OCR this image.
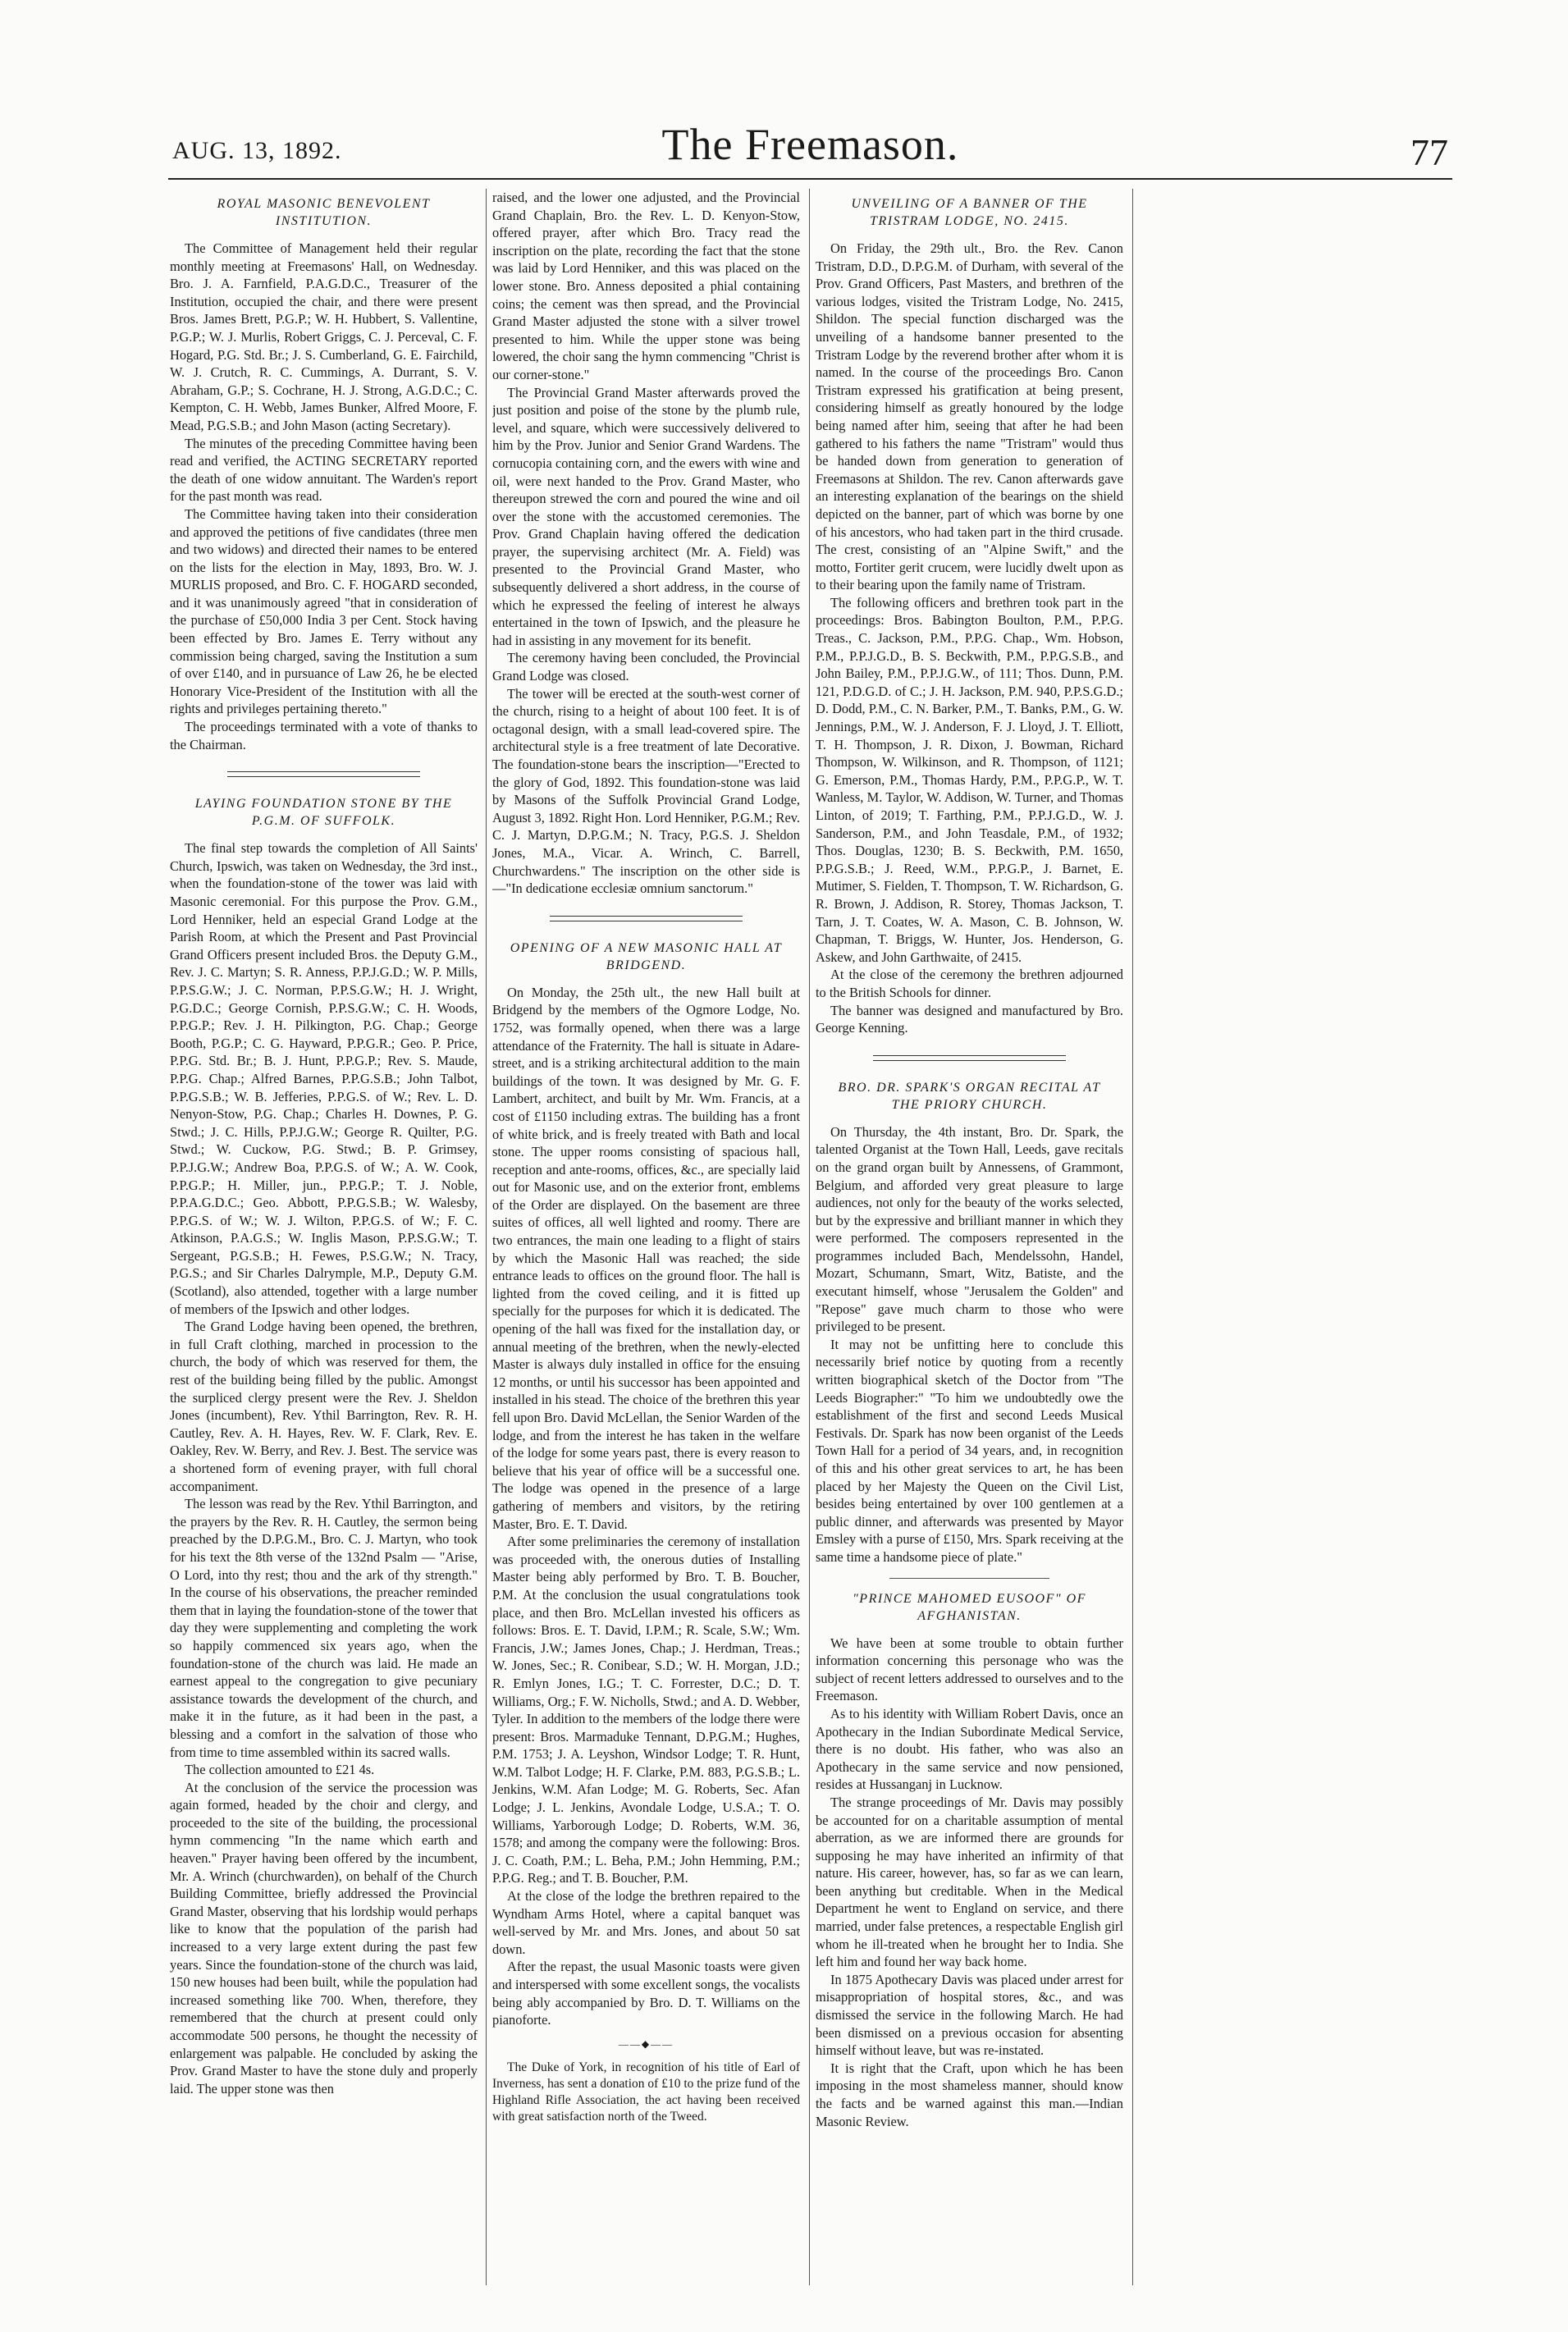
AUG. 13, 1892.	The Freemason.	77
ROYAL MASONIC BENEVOLENT INSTITUTION.

The Committee of Management held their regular monthly meeting at Freemasons' Hall, on Wednesday. Bro. J. A. Farnfield, P.A.G.D.C., Treasurer of the Institution, occupied the chair, and there were present Bros. James Brett, P.G.P.; W. H. Hubbert, S. Vallentine, P.G.P.; W. J. Murlis, Robert Griggs, C. J. Perceval, C. F. Hogard, P.G. Std. Br.; J. S. Cumberland, G. E. Fairchild, W. J. Crutch, R. C. Cummings, A. Durrant, S. V. Abraham, G.P.; S. Cochrane, H. J. Strong, A.G.D.C.; C. Kempton, C. H. Webb, James Bunker, Alfred Moore, F. Mead, P.G.S.B.; and John Mason (acting Secretary).

The minutes of the preceding Committee having been read and verified, the ACTING SECRETARY reported the death of one widow annuitant. The Warden's report for the past month was read.

The Committee having taken into their consideration and approved the petitions of five candidates (three men and two widows) and directed their names to be entered on the lists for the election in May, 1893, Bro. W. J. MURLIS proposed, and Bro. C. F. HOGARD seconded, and it was unanimously agreed "that in consideration of the purchase of £50,000 India 3 per Cent. Stock having been effected by Bro. James E. Terry without any commission being charged, saving the Institution a sum of over £140, and in pursuance of Law 26, he be elected Honorary Vice-President of the Institution with all the rights and privileges pertaining thereto."

The proceedings terminated with a vote of thanks to the Chairman.

LAYING FOUNDATION STONE BY THE P.G.M. OF SUFFOLK.

The final step towards the completion of All Saints' Church, Ipswich, was taken on Wednesday, the 3rd inst., when the foundation-stone of the tower was laid with Masonic ceremonial. For this purpose the Prov. G.M., Lord Henniker, held an especial Grand Lodge at the Parish Room, at which the Present and Past Provincial Grand Officers present included Bros. the Deputy G.M., Rev. J. C. Martyn; S. R. Anness, P.P.J.G.D.; W. P. Mills, P.P.S.G.W.; J. C. Norman, P.P.S.G.W.; H. J. Wright, P.G.D.C.; George Cornish, P.P.S.G.W.; C. H. Woods, P.P.G.P.; Rev. J. H. Pilkington, P.G. Chap.; George Booth, P.G.P.; C. G. Hayward, P.P.G.R.; Geo. P. Price, P.P.G. Std. Br.; B. J. Hunt, P.P.G.P.; Rev. S. Maude, P.P.G. Chap.; Alfred Barnes, P.P.G.S.B.; John Talbot, P.P.G.S.B.; W. B. Jefferies, P.P.G.S. of W.; Rev. L. D. Nenyon-Stow, P.G. Chap.; Charles H. Downes, P. G. Stwd.; J. C. Hills, P.P.J.G.W.; George R. Quilter, P.G. Stwd.; W. Cuckow, P.G. Stwd.; B. P. Grimsey, P.P.J.G.W.; Andrew Boa, P.P.G.S. of W.; A. W. Cook, P.P.G.P.; H. Miller, jun., P.P.G.P.; T. J. Noble, P.P.A.G.D.C.; Geo. Abbott, P.P.G.S.B.; W. Walesby, P.P.G.S. of W.; W. J. Wilton, P.P.G.S. of W.; F. C. Atkinson, P.A.G.S.; W. Inglis Mason, P.P.S.G.W.; T. Sergeant, P.G.S.B.; H. Fewes, P.S.G.W.; N. Tracy, P.G.S.; and Sir Charles Dalrymple, M.P., Deputy G.M. (Scotland), also attended, together with a large number of members of the Ipswich and other lodges.

The Grand Lodge having been opened, the brethren, in full Craft clothing, marched in procession to the church, the body of which was reserved for them, the rest of the building being filled by the public. Amongst the surpliced clergy present were the Rev. J. Sheldon Jones (incumbent), Rev. Ythil Barrington, Rev. R. H. Cautley, Rev. A. H. Hayes, Rev. W. F. Clark, Rev. E. Oakley, Rev. W. Berry, and Rev. J. Best. The service was a shortened form of evening prayer, with full choral accompaniment.

The lesson was read by the Rev. Ythil Barrington, and the prayers by the Rev. R. H. Cautley, the sermon being preached by the D.P.G.M., Bro. C. J. Martyn, who took for his text the 8th verse of the 132nd Psalm — "Arise, O Lord, into thy rest; thou and the ark of thy strength." In the course of his observations, the preacher reminded them that in laying the foundation-stone of the tower that day they were supplementing and completing the work so happily commenced six years ago, when the foundation-stone of the church was laid. He made an earnest appeal to the congregation to give pecuniary assistance towards the development of the church, and make it in the future, as it had been in the past, a blessing and a comfort in the salvation of those who from time to time assembled within its sacred walls.

The collection amounted to £21 4s.

At the conclusion of the service the procession was again formed, headed by the choir and clergy, and proceeded to the site of the building, the processional hymn commencing "In the name which earth and heaven." Prayer having been offered by the incumbent, Mr. A. Wrinch (churchwarden), on behalf of the Church Building Committee, briefly addressed the Provincial Grand Master, observing that his lordship would perhaps like to know that the population of the parish had increased to a very large extent during the past few years. Since the foundation-stone of the church was laid, 150 new houses had been built, while the population had increased something like 700. When, therefore, they remembered that the church at present could only accommodate 500 persons, he thought the necessity of enlargement was palpable. He concluded by asking the Prov. Grand Master to have the stone duly and properly laid. The upper stone was then

raised, and the lower one adjusted, and the Provincial Grand Chaplain, Bro. the Rev. L. D. Kenyon-Stow, offered prayer, after which Bro. Tracy read the inscription on the plate, recording the fact that the stone was laid by Lord Henniker, and this was placed on the lower stone. Bro. Anness deposited a phial containing coins; the cement was then spread, and the Provincial Grand Master adjusted the stone with a silver trowel presented to him. While the upper stone was being lowered, the choir sang the hymn commencing "Christ is our corner-stone."

The Provincial Grand Master afterwards proved the just position and poise of the stone by the plumb rule, level, and square, which were successively delivered to him by the Prov. Junior and Senior Grand Wardens. The cornucopia containing corn, and the ewers with wine and oil, were next handed to the Prov. Grand Master, who thereupon strewed the corn and poured the wine and oil over the stone with the accustomed ceremonies. The Prov. Grand Chaplain having offered the dedication prayer, the supervising architect (Mr. A. Field) was presented to the Provincial Grand Master, who subsequently delivered a short address, in the course of which he expressed the feeling of interest he always entertained in the town of Ipswich, and the pleasure he had in assisting in any movement for its benefit.

The ceremony having been concluded, the Provincial Grand Lodge was closed.

The tower will be erected at the south-west corner of the church, rising to a height of about 100 feet. It is of octagonal design, with a small lead-covered spire. The architectural style is a free treatment of late Decorative. The foundation-stone bears the inscription—"Erected to the glory of God, 1892. This foundation-stone was laid by Masons of the Suffolk Provincial Grand Lodge, August 3, 1892. Right Hon. Lord Henniker, P.G.M.; Rev. C. J. Martyn, D.P.G.M.; N. Tracy, P.G.S. J. Sheldon Jones, M.A., Vicar. A. Wrinch, C. Barrell, Churchwardens." The inscription on the other side is—"In dedicatione ecclesiæ omnium sanctorum."

OPENING OF A NEW MASONIC HALL AT BRIDGEND.

On Monday, the 25th ult., the new Hall built at Bridgend by the members of the Ogmore Lodge, No. 1752, was formally opened, when there was a large attendance of the Fraternity. The hall is situate in Adare-street, and is a striking architectural addition to the main buildings of the town. It was designed by Mr. G. F. Lambert, architect, and built by Mr. Wm. Francis, at a cost of £1150 including extras. The building has a front of white brick, and is freely treated with Bath and local stone. The upper rooms consisting of spacious hall, reception and ante-rooms, offices, &c., are specially laid out for Masonic use, and on the exterior front, emblems of the Order are displayed. On the basement are three suites of offices, all well lighted and roomy. There are two entrances, the main one leading to a flight of stairs by which the Masonic Hall was reached; the side entrance leads to offices on the ground floor. The hall is lighted from the coved ceiling, and it is fitted up specially for the purposes for which it is dedicated. The opening of the hall was fixed for the installation day, or annual meeting of the brethren, when the newly-elected Master is always duly installed in office for the ensuing 12 months, or until his successor has been appointed and installed in his stead. The choice of the brethren this year fell upon Bro. David McLellan, the Senior Warden of the lodge, and from the interest he has taken in the welfare of the lodge for some years past, there is every reason to believe that his year of office will be a successful one. The lodge was opened in the presence of a large gathering of members and visitors, by the retiring Master, Bro. E. T. David.

After some preliminaries the ceremony of installation was proceeded with, the onerous duties of Installing Master being ably performed by Bro. T. B. Boucher, P.M. At the conclusion the usual congratulations took place, and then Bro. McLellan invested his officers as follows: Bros. E. T. David, I.P.M.; R. Scale, S.W.; Wm. Francis, J.W.; James Jones, Chap.; J. Herdman, Treas.; W. Jones, Sec.; R. Conibear, S.D.; W. H. Morgan, J.D.; R. Emlyn Jones, I.G.; T. C. Forrester, D.C.; D. T. Williams, Org.; F. W. Nicholls, Stwd.; and A. D. Webber, Tyler. In addition to the members of the lodge there were present: Bros. Marmaduke Tennant, D.P.G.M.; Hughes, P.M. 1753; J. A. Leyshon, Windsor Lodge; T. R. Hunt, W.M. Talbot Lodge; H. F. Clarke, P.M. 883, P.G.S.B.; L. Jenkins, W.M. Afan Lodge; M. G. Roberts, Sec. Afan Lodge; J. L. Jenkins, Avondale Lodge, U.S.A.; T. O. Williams, Yarborough Lodge; D. Roberts, W.M. 36, 1578; and among the company were the following: Bros. J. C. Coath, P.M.; L. Beha, P.M.; John Hemming, P.M.; P.P.G. Reg.; and T. B. Boucher, P.M.

At the close of the lodge the brethren repaired to the Wyndham Arms Hotel, where a capital banquet was well-served by Mr. and Mrs. Jones, and about 50 sat down.

After the repast, the usual Masonic toasts were given and interspersed with some excellent songs, the vocalists being ably accompanied by Bro. D. T. Williams on the pianoforte.

——◆——

The Duke of York, in recognition of his title of Earl of Inverness, has sent a donation of £10 to the prize fund of the Highland Rifle Association, the act having been received with great satisfaction north of the Tweed.

UNVEILING OF A BANNER OF THE TRISTRAM LODGE, NO. 2415.

On Friday, the 29th ult., Bro. the Rev. Canon Tristram, D.D., D.P.G.M. of Durham, with several of the Prov. Grand Officers, Past Masters, and brethren of the various lodges, visited the Tristram Lodge, No. 2415, Shildon. The special function discharged was the unveiling of a handsome banner presented to the Tristram Lodge by the reverend brother after whom it is named. In the course of the proceedings Bro. Canon Tristram expressed his gratification at being present, considering himself as greatly honoured by the lodge being named after him, seeing that after he had been gathered to his fathers the name "Tristram" would thus be handed down from generation to generation of Freemasons at Shildon. The rev. Canon afterwards gave an interesting explanation of the bearings on the shield depicted on the banner, part of which was borne by one of his ancestors, who had taken part in the third crusade. The crest, consisting of an "Alpine Swift," and the motto, Fortiter gerit crucem, were lucidly dwelt upon as to their bearing upon the family name of Tristram.

The following officers and brethren took part in the proceedings: Bros. Babington Boulton, P.M., P.P.G. Treas., C. Jackson, P.M., P.P.G. Chap., Wm. Hobson, P.M., P.P.J.G.D., B. S. Beckwith, P.M., P.P.G.S.B., and John Bailey, P.M., P.P.J.G.W., of 111; Thos. Dunn, P.M. 121, P.D.G.D. of C.; J. H. Jackson, P.M. 940, P.P.S.G.D.; D. Dodd, P.M., C. N. Barker, P.M., T. Banks, P.M., G. W. Jennings, P.M., W. J. Anderson, F. J. Lloyd, J. T. Elliott, T. H. Thompson, J. R. Dixon, J. Bowman, Richard Thompson, W. Wilkinson, and R. Thompson, of 1121; G. Emerson, P.M., Thomas Hardy, P.M., P.P.G.P., W. T. Wanless, M. Taylor, W. Addison, W. Turner, and Thomas Linton, of 2019; T. Farthing, P.M., P.P.J.G.D., W. J. Sanderson, P.M., and John Teasdale, P.M., of 1932; Thos. Douglas, 1230; B. S. Beckwith, P.M. 1650, P.P.G.S.B.; J. Reed, W.M., P.P.G.P., J. Barnet, E. Mutimer, S. Fielden, T. Thompson, T. W. Richardson, G. R. Brown, J. Addison, R. Storey, Thomas Jackson, T. Tarn, J. T. Coates, W. A. Mason, C. B. Johnson, W. Chapman, T. Briggs, W. Hunter, Jos. Henderson, G. Askew, and John Garthwaite, of 2415.

At the close of the ceremony the brethren adjourned to the British Schools for dinner.

The banner was designed and manufactured by Bro. George Kenning.

BRO. DR. SPARK'S ORGAN RECITAL AT THE PRIORY CHURCH.

On Thursday, the 4th instant, Bro. Dr. Spark, the talented Organist at the Town Hall, Leeds, gave recitals on the grand organ built by Annessens, of Grammont, Belgium, and afforded very great pleasure to large audiences, not only for the beauty of the works selected, but by the expressive and brilliant manner in which they were performed. The composers represented in the programmes included Bach, Mendelssohn, Handel, Mozart, Schumann, Smart, Witz, Batiste, and the executant himself, whose "Jerusalem the Golden" and "Repose" gave much charm to those who were privileged to be present.

It may not be unfitting here to conclude this necessarily brief notice by quoting from a recently written biographical sketch of the Doctor from "The Leeds Biographer:" "To him we undoubtedly owe the establishment of the first and second Leeds Musical Festivals. Dr. Spark has now been organist of the Leeds Town Hall for a period of 34 years, and, in recognition of this and his other great services to art, he has been placed by her Majesty the Queen on the Civil List, besides being entertained by over 100 gentlemen at a public dinner, and afterwards was presented by Mayor Emsley with a purse of £150, Mrs. Spark receiving at the same time a handsome piece of plate."

"PRINCE MAHOMED EUSOOF" OF AFGHANISTAN.

We have been at some trouble to obtain further information concerning this personage who was the subject of recent letters addressed to ourselves and to the Freemason.

As to his identity with William Robert Davis, once an Apothecary in the Indian Subordinate Medical Service, there is no doubt. His father, who was also an Apothecary in the same service and now pensioned, resides at Hussanganj in Lucknow.

The strange proceedings of Mr. Davis may possibly be accounted for on a charitable assumption of mental aberration, as we are informed there are grounds for supposing he may have inherited an infirmity of that nature. His career, however, has, so far as we can learn, been anything but creditable. When in the Medical Department he went to England on service, and there married, under false pretences, a respectable English girl whom he ill-treated when he brought her to India. She left him and found her way back home.

In 1875 Apothecary Davis was placed under arrest for misappropriation of hospital stores, &c., and was dismissed the service in the following March. He had been dismissed on a previous occasion for absenting himself without leave, but was re-instated.

It is right that the Craft, upon which he has been imposing in the most shameless manner, should know the facts and be warned against this man.—Indian Masonic Review.
